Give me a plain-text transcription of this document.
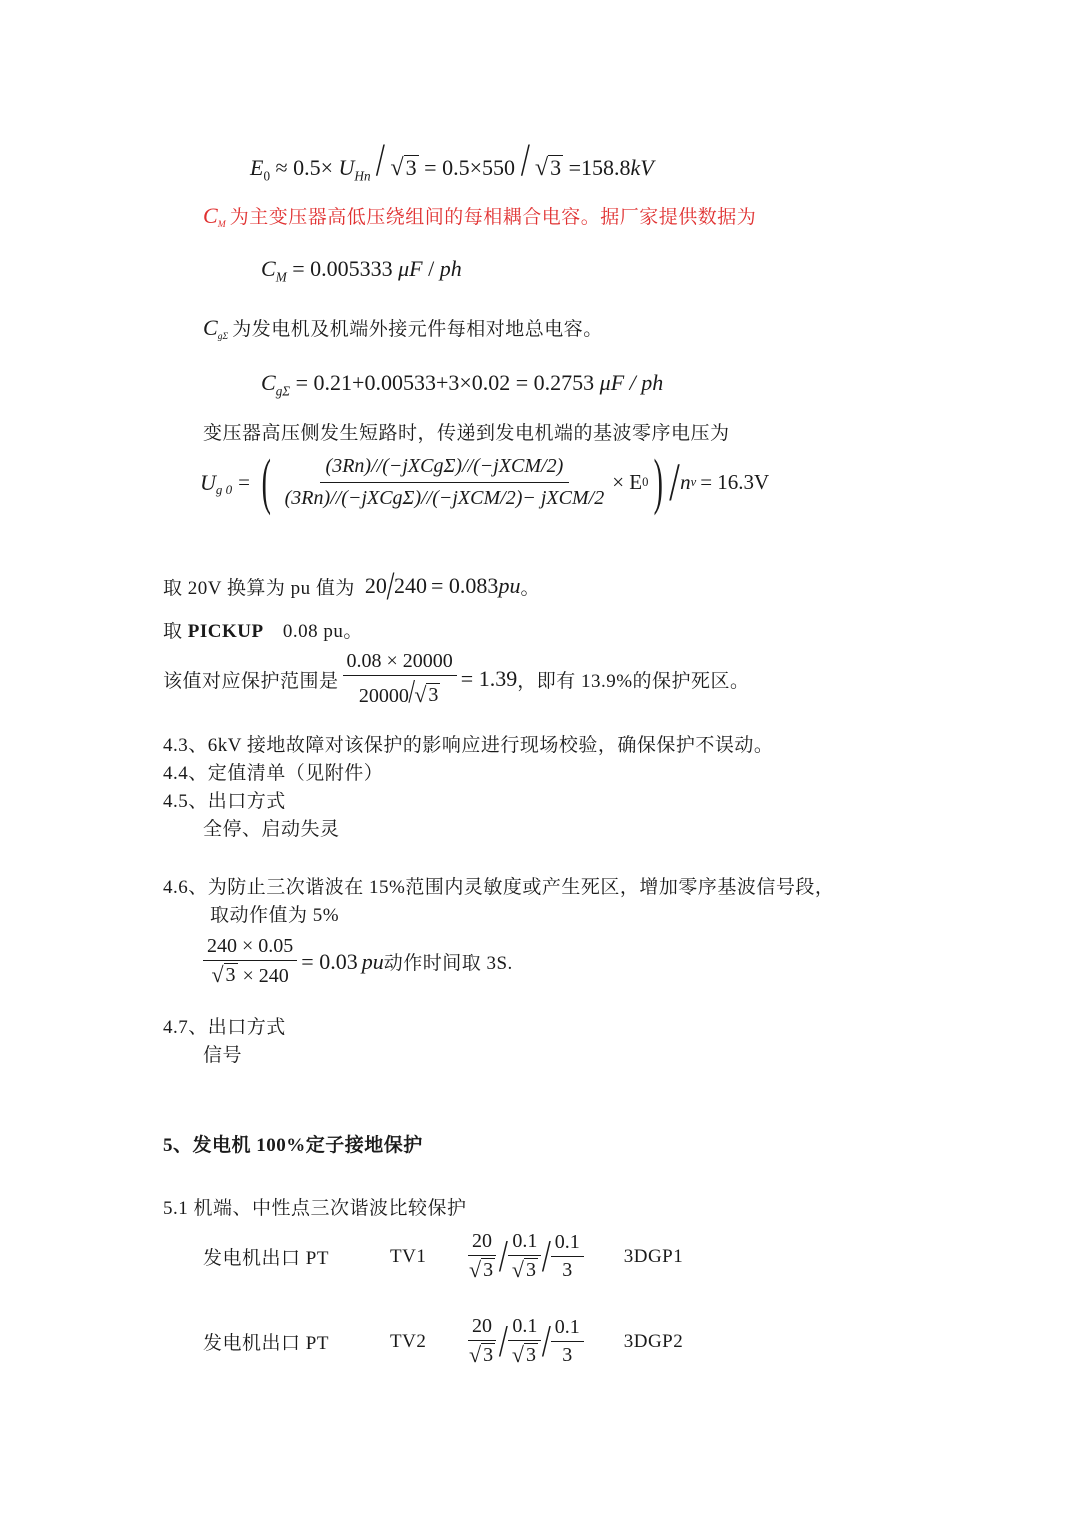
$E_0 \approx 0.5\times U_{Hn}$ / √ 3 = 0.5×550 / √ 3 =158.8kV
$C_M$ 为主变压器高低压绕组间的每相耦合电容。据厂家提供数据为
$C_M = 0.005333$ μF / ph
$C_{g\Sigma}$ 为发电机及机端外接元件每相对地总电容。
$C_{g\Sigma} = 0.21+0.00533+3\times 0.02 = 0.2753$ μF / ph
变压器高压侧发生短路时，传递到发电机端的基波零序电压为
$U_{g 0}$ = ( $\frac{\text{(3Rn)//(−jXCgΣ)//(−jXCM/2)}}{\text{(3Rn)//(−jXCgΣ)//(−jXCM/2)− jXCM/2}} \times E$ 0 ) / n v = 16.3V
取 20V 换算为 pu 值为 20 / 240 = 0.083 pu 。
取 PICKUP 0.08 pu。
该值对应保护范围是 $\frac{0.08 \times 20000}{20000/ √ 3} = 1.39$ ，即有 13.9%的保护死区。
4.3、6kV 接地故障对该保护的影响应进行现场校验，确保保护不误动。
4.4、定值清单（见附件）
4.5、出口方式
全停、启动失灵
4.6、为防止三次谐波在 15%范围内灵敏度或产生死区，增加零序基波信号段，
取动作值为 5%
$\frac{240 \times 0.05}{√ 3 \times 240} = 0.03$ pu 动作时间取 3S.
4.7、出口方式
信号
5、发电机 100%定子接地保护
5.1 机端、中性点三次谐波比较保护
发电机出口 PT	TV1	$\frac{20}{√ 3} / \frac{0.1}{√ 3} / \frac{0.1}{3} 3DGP1$
发电机出口 PT	TV2	$\frac{20}{√ 3} / \frac{0.1}{√ 3} / \frac{0.1}{3} 3DGP2$
